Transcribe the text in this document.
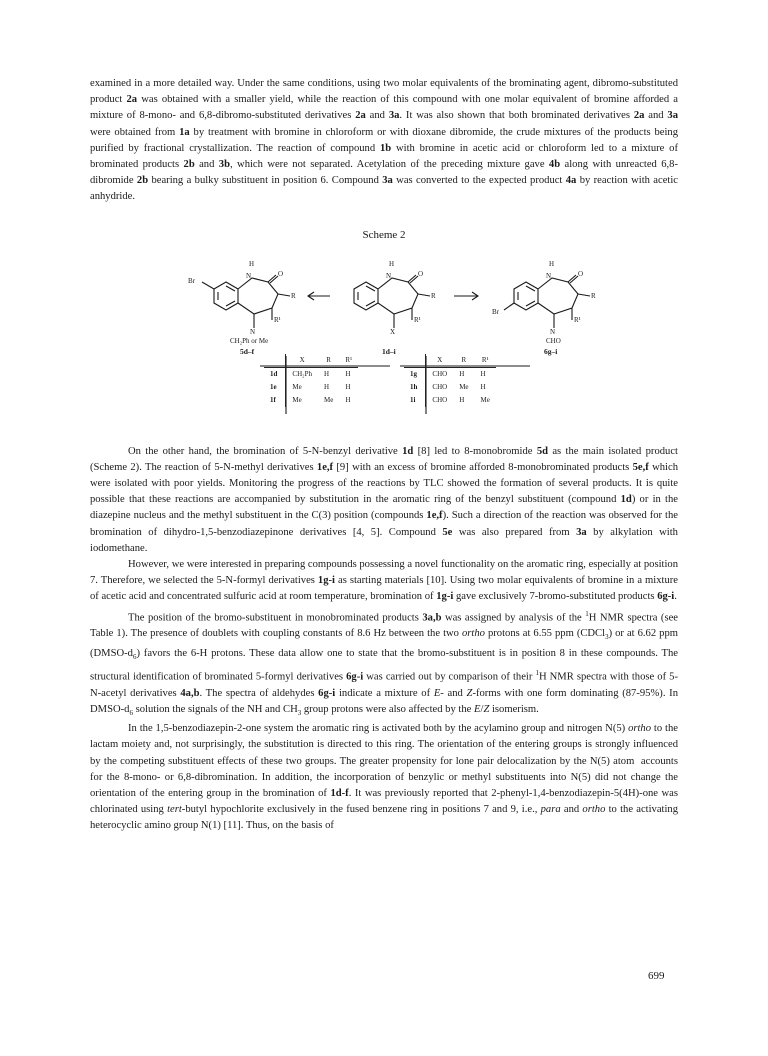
examined in a more detailed way. Under the same conditions, using two molar equivalents of the brominating agent, dibromo-substituted product 2a was obtained with a smaller yield, while the reaction of this compound with one molar equivalent of bromine afforded a mixture of 8-mono- and 6,8-dibromo-substituted derivatives 2a and 3a. It was also shown that both brominated derivatives 2a and 3a were obtained from 1a by treatment with bromine in chloroform or with dioxane dibromide, the crude mixtures of the products being purified by fractional crystallization. The reaction of compound 1b with bromine in acetic acid or chloroform led to a mixture of brominated products 2b and 3b, which were not separated. Acetylation of the preceding mixture gave 4b along with unreacted 6,8-dibromide 2b bearing a bulky substituent in position 6. Compound 3a was converted to the expected product 4a by reaction with acetic anhydride.

Scheme 2

H
N	O
R
R¹
Br
N
CH₂Ph or Me
5d–f
H
N	O
R
R¹
X
1d–i
H
N	O
R
R¹
Br
N
CHO
6g–i
	X	R	R¹
1d	CH₂Ph	H	H
1e	Me	H	H
1f	Me	Me	H
	X	R	R¹
1g	CHO	H	H
1h	CHO	Me	H
1i	CHO	H	Me

On the other hand, the bromination of 5-N-benzyl derivative 1d [8] led to 8-monobromide 5d as the main isolated product (Scheme 2). The reaction of 5-N-methyl derivatives 1e,f [9] with an excess of bromine afforded 8-monobrominated products 5e,f which were isolated with poor yields. Monitoring the progress of the reactions by TLC showed the formation of several products. It is quite possible that these reactions are accompanied by substitution in the aromatic ring of the benzyl substituent (compound 1d) or in the diazepine nucleus and the methyl substituent in the C(3) position (compounds 1e,f). Such a direction of the reaction was observed for the bromination of dihydro-1,5-benzodiazepinone derivatives [4, 5]. Compound 5e was also prepared from 3a by alkylation with iodomethane.

However, we were interested in preparing compounds possessing a novel functionality on the aromatic ring, especially at position 7. Therefore, we selected the 5-N-formyl derivatives 1g-i as starting materials [10]. Using two molar equivalents of bromine in a mixture of acetic acid and concentrated sulfuric acid at room temperature, bromination of 1g-i gave exclusively 7-bromo-substituted products 6g-i.

The position of the bromo-substituent in monobrominated products 3a,b was assigned by analysis of the $^1$H NMR spectra (see Table 1). The presence of doublets with coupling constants of 8.6 Hz between the two ortho protons at 6.55 ppm (CDCl$_3$) or at 6.62 ppm $(DMSO-d_6)$ favors the 6-H protons. These data allow one to state that the bromo-substituent is in position 8 in these compounds. The structural identification of brominated 5-formyl derivatives 6g-i was carried out by comparison of their $^1$H NMR spectra with those of 5-N-acetyl derivatives 4a,b. The spectra of aldehydes 6g-i indicate a mixture of E- and Z-forms with one form dominating (87-95%). In DMSO-$d_6$ solution the signals of the NH and $CH_3$ group protons were also affected by the E/Z isomerism.

In the 1,5-benzodiazepin-2-one system the aromatic ring is activated both by the acylamino group and nitrogen N(5) ortho to the lactam moiety and, not surprisingly, the substitution is directed to this ring. The orientation of the entering groups is strongly influenced by the competing substituent effects of these two groups. The greater propensity for lone pair delocalization by the N(5) atom  accounts for the 8-mono- or 6,8-dibromination. In addition, the incorporation of benzylic or methyl substituents into N(5) did not change the orientation of the entering group in the bromination of 1d-f. It was previously reported that 2-phenyl-1,4-benzodiazepin-5(4H)-one was chlorinated using tert-butyl hypochlorite exclusively in the fused benzene ring in positions 7 and 9, i.e., para and ortho to the activating heterocyclic amino group N(1) [11]. Thus, on the basis of

699
